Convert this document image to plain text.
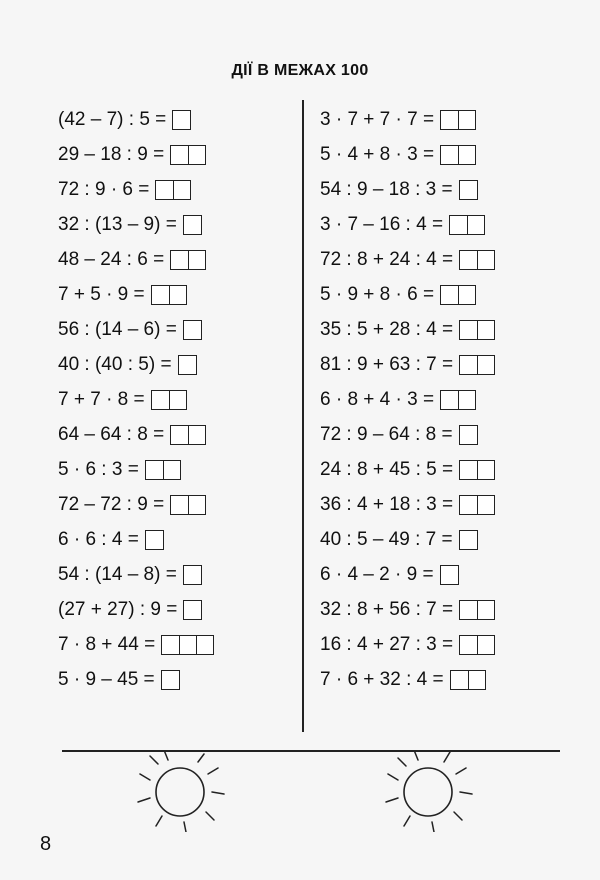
ДІЇ В МЕЖАХ 100
(42 – 7) : 5 =
29 – 18 : 9 =
72 : 9 · 6 =
32 : (13 – 9) =
48 – 24 : 6 =
7 + 5 · 9 =
56 : (14 – 6) =
40 : (40 : 5) =
7 + 7 · 8 =
64 – 64 : 8 =
5 · 6 : 3 =
72 – 72 : 9 =
6 · 6 : 4 =
54 : (14 – 8) =
(27 + 27) : 9 =
7 · 8 + 44 =
5 · 9 – 45 =
3 · 7 + 7 · 7 =
5 · 4 + 8 · 3 =
54 : 9 – 18 : 3 =
3 · 7 – 16 : 4 =
72 : 8 + 24 : 4 =
5 · 9 + 8 · 6 =
35 : 5 + 28 : 4 =
81 : 9 + 63 : 7 =
6 · 8 + 4 · 3 =
72 : 9 – 64 : 8 =
24 : 8 + 45 : 5 =
36 : 4 + 18 : 3 =
40 : 5 – 49 : 7 =
6 · 4 – 2 · 9 =
32 : 8 + 56 : 7 =
16 : 4 + 27 : 3 =
7 · 6 + 32 : 4 =
8
